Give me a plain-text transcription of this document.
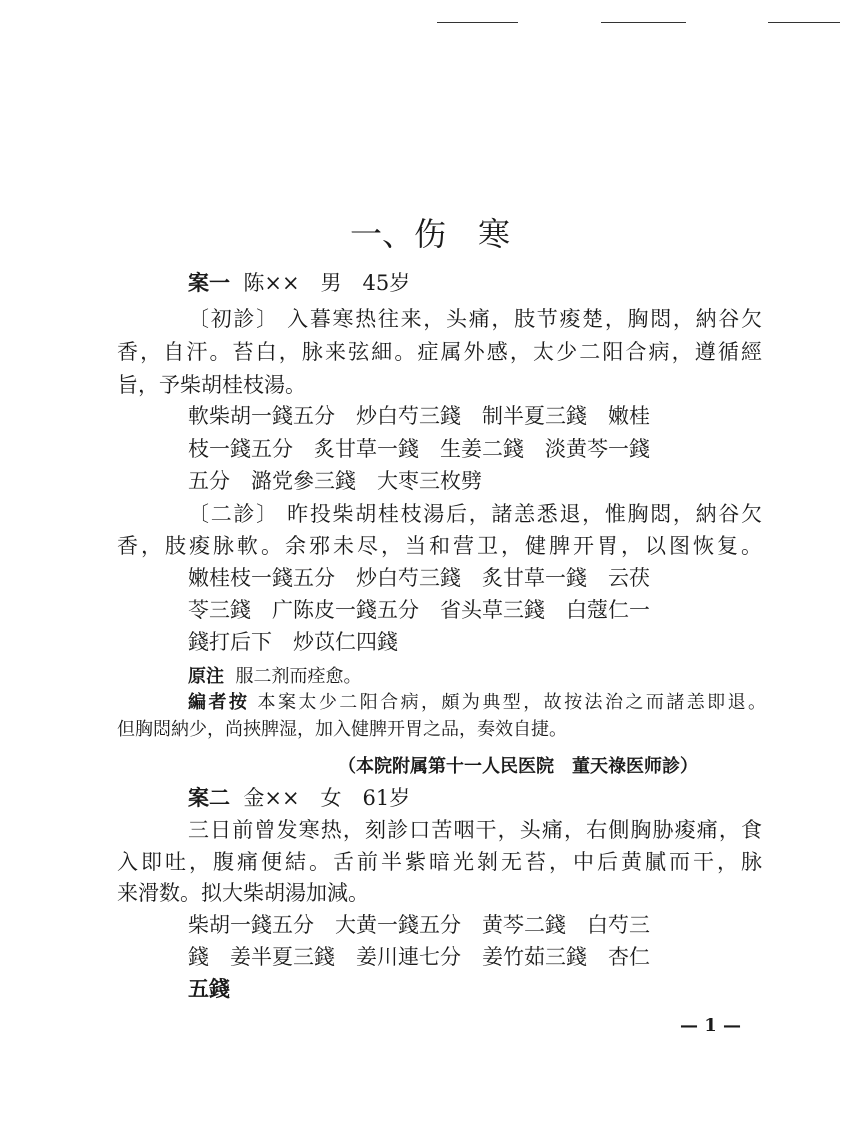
一、伤　寒
案一 陈××　男　45岁
〔初診〕 入暮寒热往来，头痛，肢节痠楚，胸悶，納谷欠
香，自汗。苔白，脉来弦細。症属外感，太少二阳合病，遵循經
旨，予柴胡桂枝湯。
軟柴胡一錢五分　炒白芍三錢　制半夏三錢　嫩桂
枝一錢五分　炙甘草一錢　生姜二錢　淡黄芩一錢
五分　潞党參三錢　大枣三枚劈
〔二診〕 昨投柴胡桂枝湯后，諸恙悉退，惟胸悶，納谷欠
香，肢痠脉軟。余邪未尽，当和营卫，健脾开胃，以图恢复。
嫩桂枝一錢五分　炒白芍三錢　炙甘草一錢　云茯
苓三錢　广陈皮一錢五分　省头草三錢　白蔻仁一
錢打后下　炒苡仁四錢
原注 服二剂而痊愈。
編者按 本案太少二阳合病，頗为典型，故按法治之而諸恙即退。
但胸悶納少，尚挾脾湿，加入健脾开胃之品，奏效自捷。
（本院附属第十一人民医院　董天祿医师診）
案二 金××　女　61岁
三日前曾发寒热，刻診口苦咽干，头痛，右側胸胁痠痛，食
入即吐，腹痛便結。舌前半紫暗光剝无苔，中后黄膩而干，脉
来滑数。拟大柴胡湯加減。
柴胡一錢五分　大黄一錢五分　黄芩二錢　白芍三
錢　姜半夏三錢　姜川連七分　姜竹茹三錢　杏仁
五錢
— 1 —
